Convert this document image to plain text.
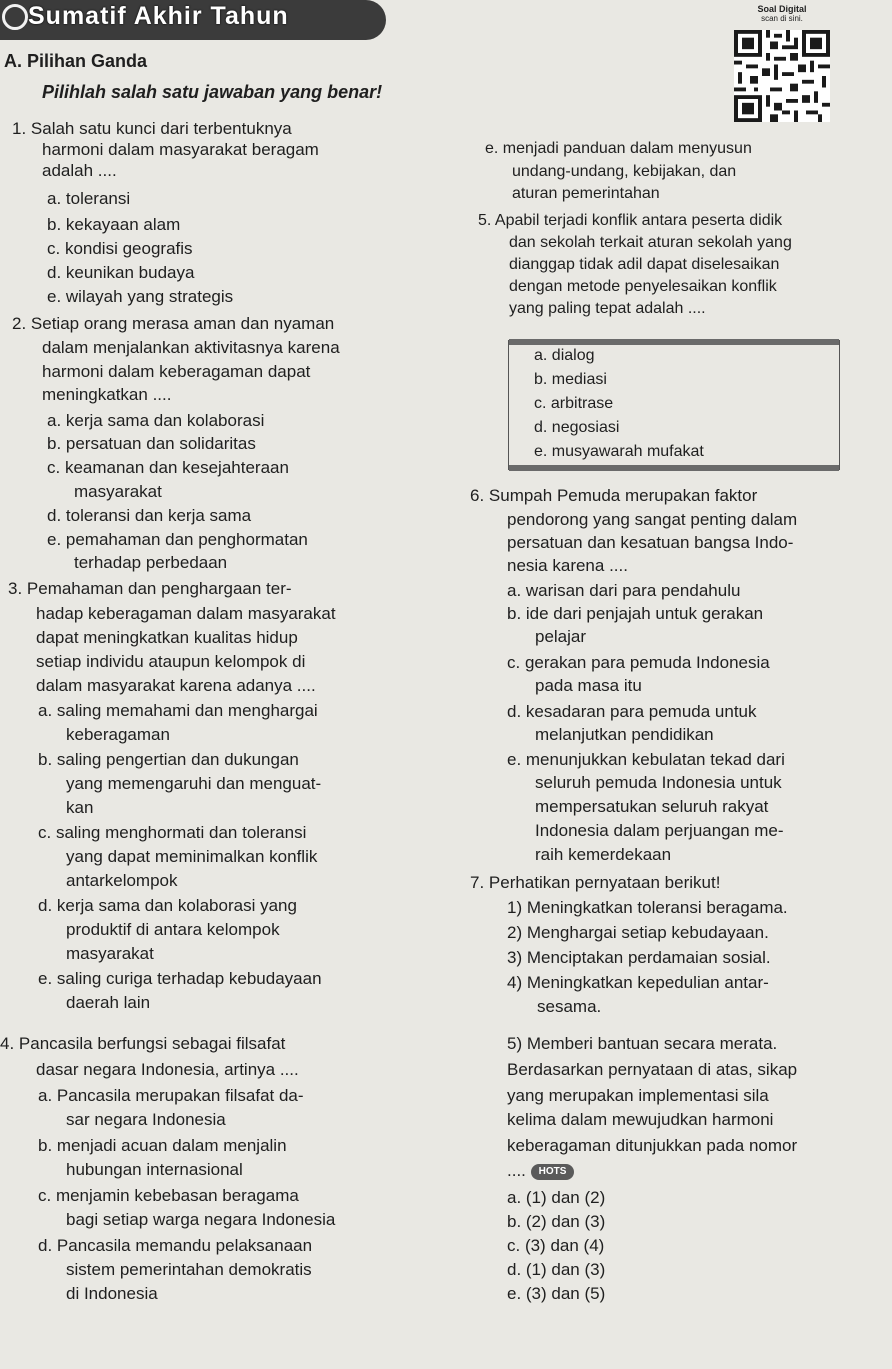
Sumatif Akhir Tahun	Soal Digital
scan di sini.
A. Pilihan Ganda
Pilihlah salah satu jawaban yang benar!
1. Salah satu kunci dari terbentuknya
harmoni dalam masyarakat beragam
adalah ....
a. toleransi
b. kekayaan alam
c. kondisi geografis
d. keunikan budaya
e. wilayah yang strategis
2. Setiap orang merasa aman dan nyaman
dalam menjalankan aktivitasnya karena
harmoni dalam keberagaman dapat
meningkatkan ....
a. kerja sama dan kolaborasi
b. persatuan dan solidaritas
c. keamanan dan kesejahteraan
masyarakat
d. toleransi dan kerja sama
e. pemahaman dan penghormatan
terhadap perbedaan
3. Pemahaman dan penghargaan ter-
hadap keberagaman dalam masyarakat
dapat meningkatkan kualitas hidup
setiap individu ataupun kelompok di
dalam masyarakat karena adanya ....
a. saling memahami dan menghargai
keberagaman
b. saling pengertian dan dukungan
yang memengaruhi dan menguat-
kan
c. saling menghormati dan toleransi
yang dapat meminimalkan konflik
antarkelompok
d. kerja sama dan kolaborasi yang
produktif di antara kelompok
masyarakat
e. saling curiga terhadap kebudayaan
daerah lain
4. Pancasila berfungsi sebagai filsafat
dasar negara Indonesia, artinya ....
a. Pancasila merupakan filsafat da-
sar negara Indonesia
b. menjadi acuan dalam menjalin
hubungan internasional
c. menjamin kebebasan beragama
bagi setiap warga negara Indonesia
d. Pancasila memandu pelaksanaan
sistem pemerintahan demokratis
di Indonesia
e. menjadi panduan dalam menyusun
undang-undang, kebijakan, dan
aturan pemerintahan
5. Apabil terjadi konflik antara peserta didik
dan sekolah terkait aturan sekolah yang
dianggap tidak adil dapat diselesaikan
dengan metode penyelesaikan konflik
yang paling tepat adalah ....
a. dialog
b. mediasi
c. arbitrase
d. negosiasi
e. musyawarah mufakat
6. Sumpah Pemuda merupakan faktor
pendorong yang sangat penting dalam
persatuan dan kesatuan bangsa Indo-
nesia karena ....
a. warisan dari para pendahulu
b. ide dari penjajah untuk gerakan
pelajar
c. gerakan para pemuda Indonesia
pada masa itu
d. kesadaran para pemuda untuk
melanjutkan pendidikan
e. menunjukkan kebulatan tekad dari
seluruh pemuda Indonesia untuk
mempersatukan seluruh rakyat
Indonesia dalam perjuangan me-
raih kemerdekaan
7. Perhatikan pernyataan berikut!
1) Meningkatkan toleransi beragama.
2) Menghargai setiap kebudayaan.
3) Menciptakan perdamaian sosial.
4) Meningkatkan kepedulian antar-
sesama.
5) Memberi bantuan secara merata.
Berdasarkan pernyataan di atas, sikap
yang merupakan implementasi sila
kelima dalam mewujudkan harmoni
keberagaman ditunjukkan pada nomor
.... HOTS
a. (1) dan (2)
b. (2) dan (3)
c. (3) dan (4)
d. (1) dan (3)
e. (3) dan (5)
